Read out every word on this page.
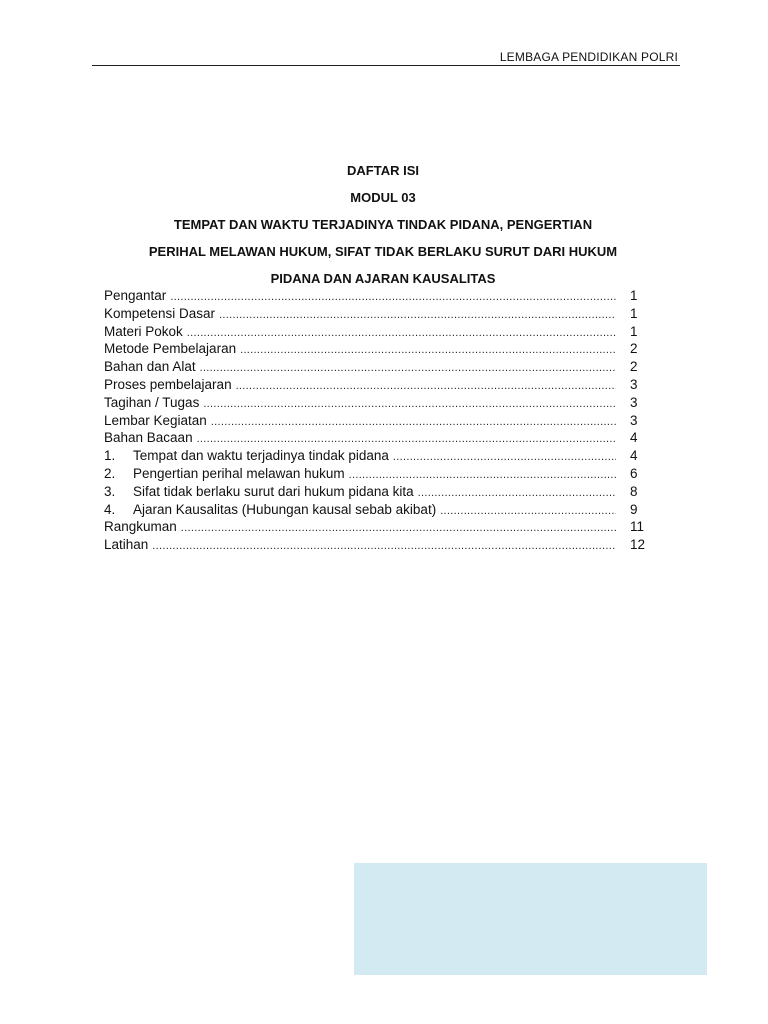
LEMBAGA PENDIDIKAN POLRI
DAFTAR ISI
MODUL 03
TEMPAT DAN WAKTU TERJADINYA TINDAK PIDANA, PENGERTIAN
PERIHAL MELAWAN HUKUM, SIFAT TIDAK BERLAKU SURUT DARI HUKUM
PIDANA DAN AJARAN KAUSALITAS
Pengantar .....	1
Kompetensi Dasar .....	1
Materi Pokok .....	1
Metode Pembelajaran .....	2
Bahan dan Alat .....	2
Proses pembelajaran .....	3
Tagihan / Tugas .....	3
Lembar Kegiatan .....	3
Bahan Bacaan .....	4
1.	Tempat dan waktu terjadinya tindak pidana .....	4
2.	Pengertian perihal melawan hukum .....	6
3.	Sifat tidak berlaku surut dari hukum pidana kita .....	8
4.	Ajaran Kausalitas (Hubungan kausal sebab akibat) .....	9
Rangkuman .....	11
Latihan .....	12
